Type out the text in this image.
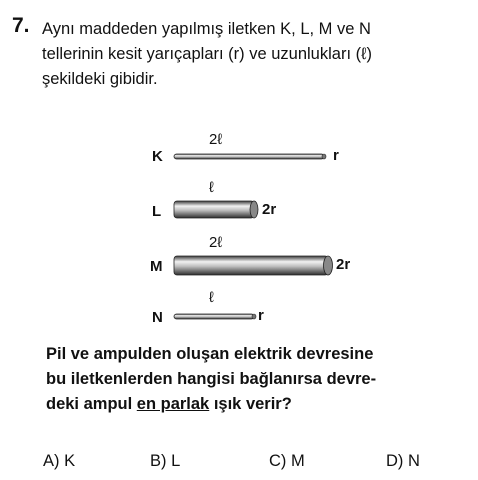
7. Aynı maddeden yapılmış iletken K, L, M ve N
tellerinin kesit yarıçapları (r) ve uzunlukları (ℓ)
şekildeki gibidir.
K
2ℓ
r
L
ℓ
2r
M
2ℓ
2r
N
ℓ
r
Pil ve ampulden oluşan elektrik devresine
bu iletkenlerden hangisi bağlanırsa devre-
deki ampul en parlak ışık verir?
A) K	B) L	C) M	D) N
